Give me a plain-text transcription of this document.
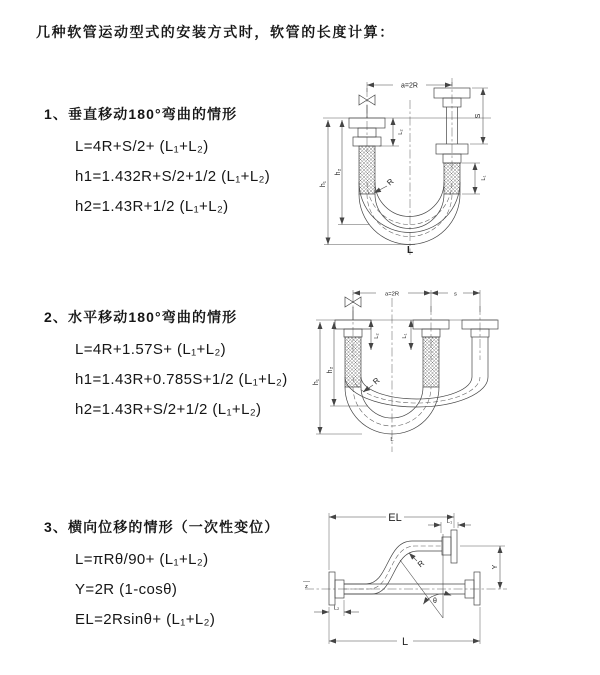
几种软管运动型式的安装方式时，软管的长度计算：
1、垂直移动180°弯曲的情形
L=4R+S/2+ (L₁+L₂)
h1=1.432R+S/2+1/2 (L₁+L₂)
h2=1.43R+1/2 (L₁+L₂)
2、水平移动180°弯曲的情形
L=4R+1.57S+ (L₁+L₂)
h1=1.43R+0.785S+1/2 (L₁+L₂)
h2=1.43R+S/2+1/2 (L₁+L₂)
3、横向位移的情形（一次性变位）
L=πRθ/90+ (L₁+L₂)
Y=2R (1-cosθ)
EL=2Rsinθ+ (L₁+L₂)
a=2R
h₁
h₂
L₂
S
L₁
R
L
a=2R	s
h₁
h₂
L₂	L₁
R
L
z
θ
R
EL	L₁
Y
L
L₂
